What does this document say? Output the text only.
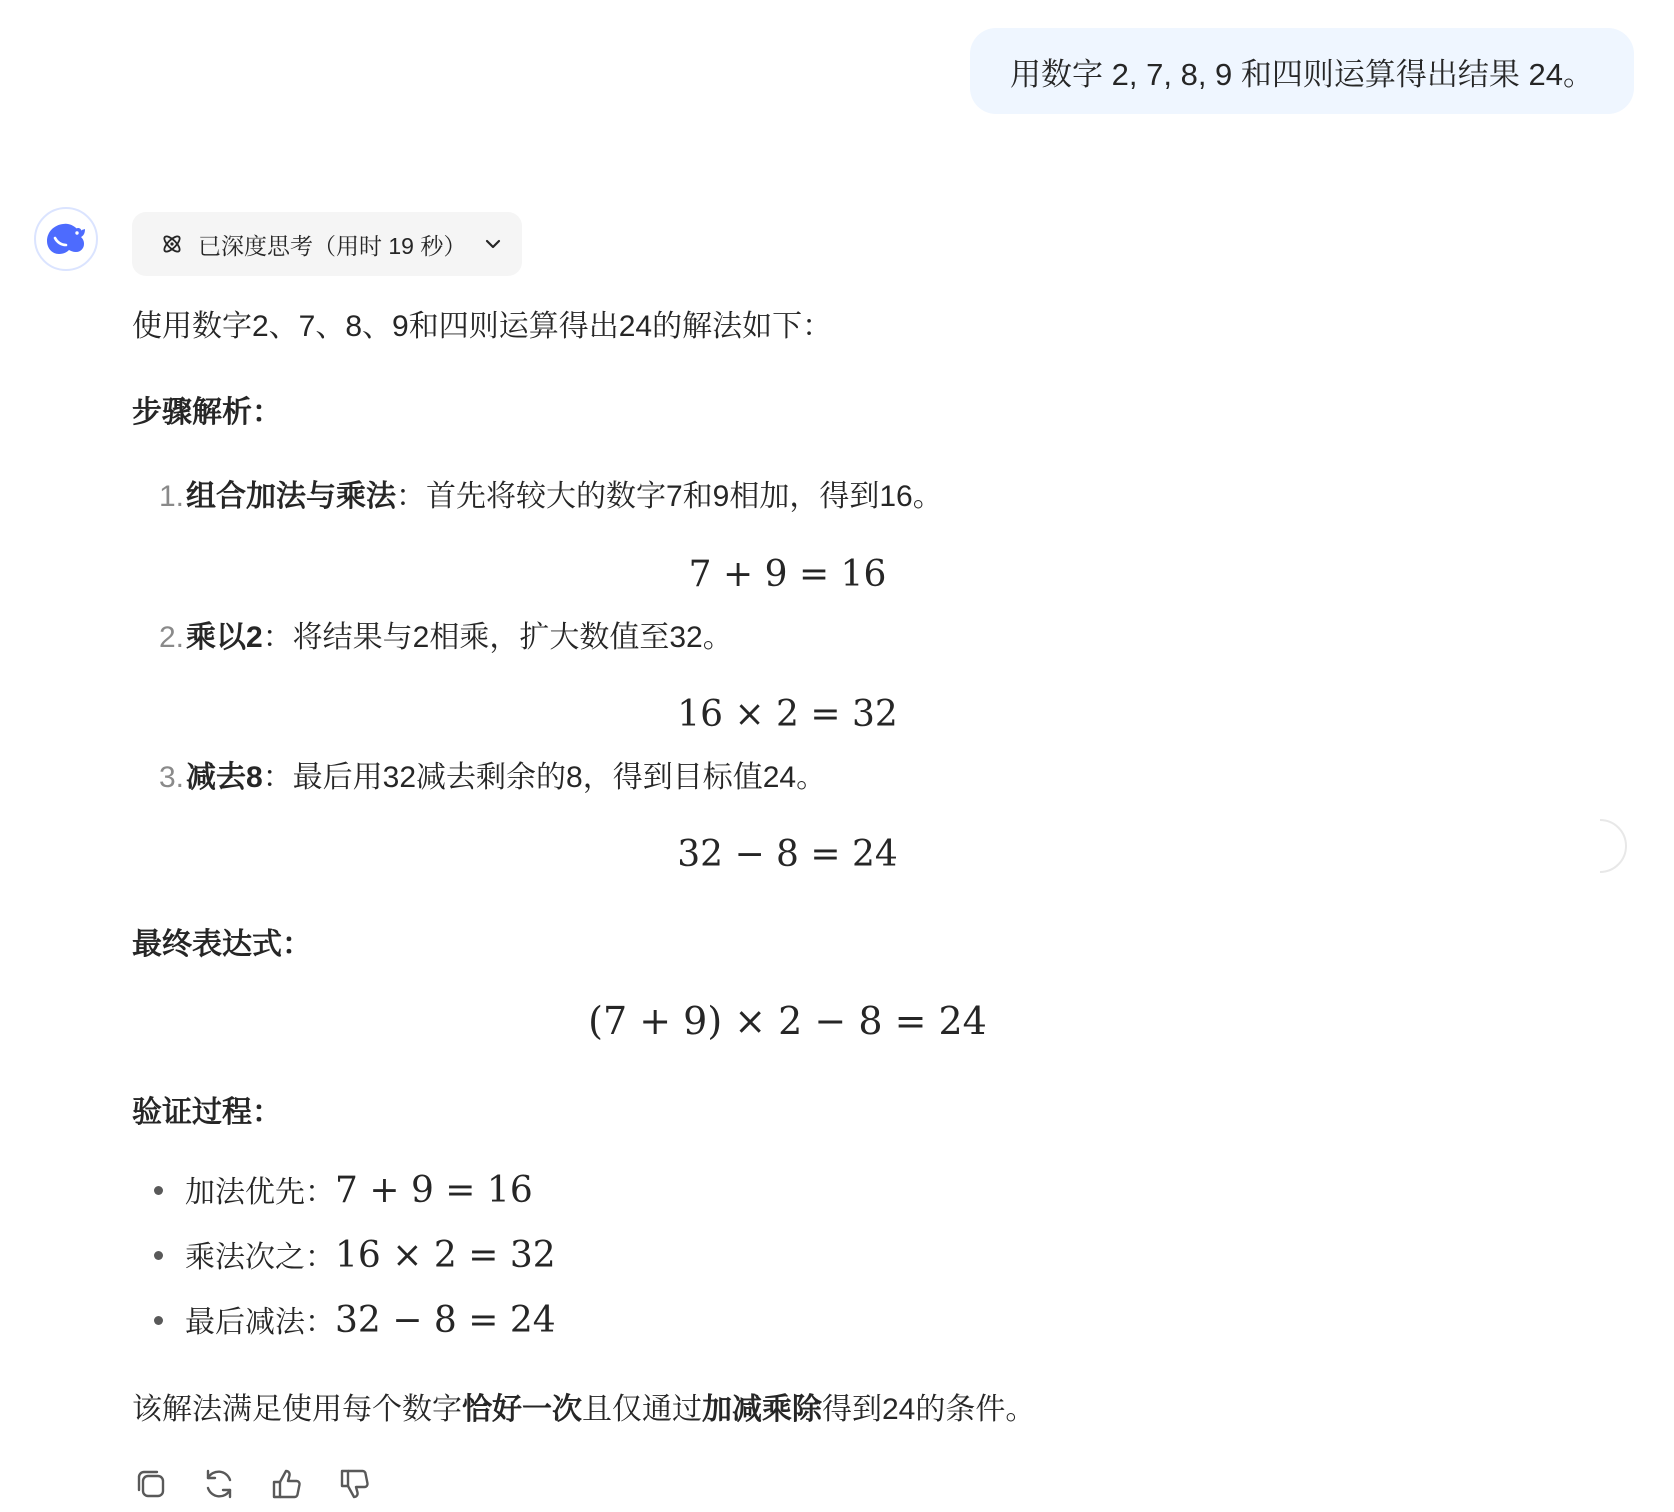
用数字 2, 7, 8, 9 和四则运算得出结果 24。
已深度思考（用时 19 秒）
使用数字2、7、8、9和四则运算得出24的解法如下：
步骤解析：
1.组合加法与乘法：首先将较大的数字7和9相加，得到16。
7 + 9 = 16
2.乘以2：将结果与2相乘，扩大数值至32。
16 × 2 = 32
3.减去8：最后用32减去剩余的8，得到目标值24。
32 − 8 = 24
最终表达式：
(7 + 9) × 2 − 8 = 24
验证过程：
加法优先： 7 + 9 = 16
乘法次之： 16 × 2 = 32
最后减法： 32 − 8 = 24
该解法满足使用每个数字恰好一次且仅通过加减乘除得到24的条件。
